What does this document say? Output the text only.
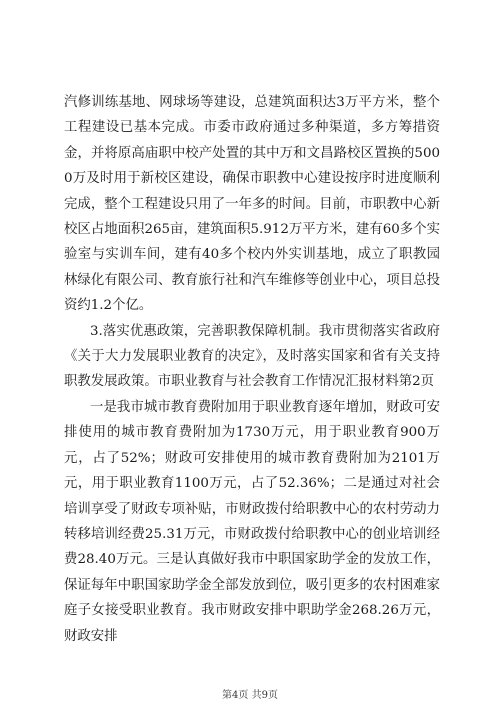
汽修训练基地、网球场等建设，总建筑面积达3万平方米，整个工程建设已基本完成。市委市政府通过多种渠道，多方筹措资金，并将原高庙职中校产处置的其中万和文昌路校区置换的5000万及时用于新校区建设，确保市职教中心建设按序时进度顺利完成，整个工程建设只用了一年多的时间。目前，市职教中心新校区占地面积265亩，建筑面积5.912万平方米，建有60多个实验室与实训车间，建有40多个校内外实训基地，成立了职教园林绿化有限公司、教育旅行社和汽车维修等创业中心，项目总投资约1.2个亿。

3.落实优惠政策，完善职教保障机制。我市贯彻落实省政府《关于大力发展职业教育的决定》，及时落实国家和省有关支持职教发展政策。市职业教育与社会教育工作情况汇报材料第2页

一是我市城市教育费附加用于职业教育逐年增加，财政可安排使用的城市教育费附加为1730万元，用于职业教育900万元，占了52%；财政可安排使用的城市教育费附加为2101万元，用于职业教育1100万元，占了52.36%；二是通过对社会培训享受了财政专项补贴，市财政拨付给职教中心的农村劳动力转移培训经费25.31万元，市财政拨付给职教中心的创业培训经费28.40万元。三是认真做好我市中职国家助学金的发放工作，保证每年中职国家助学金全部发放到位，吸引更多的农村困难家庭子女接受职业教育。我市财政安排中职助学金268.26万元，财政安排

第4页 共9页
